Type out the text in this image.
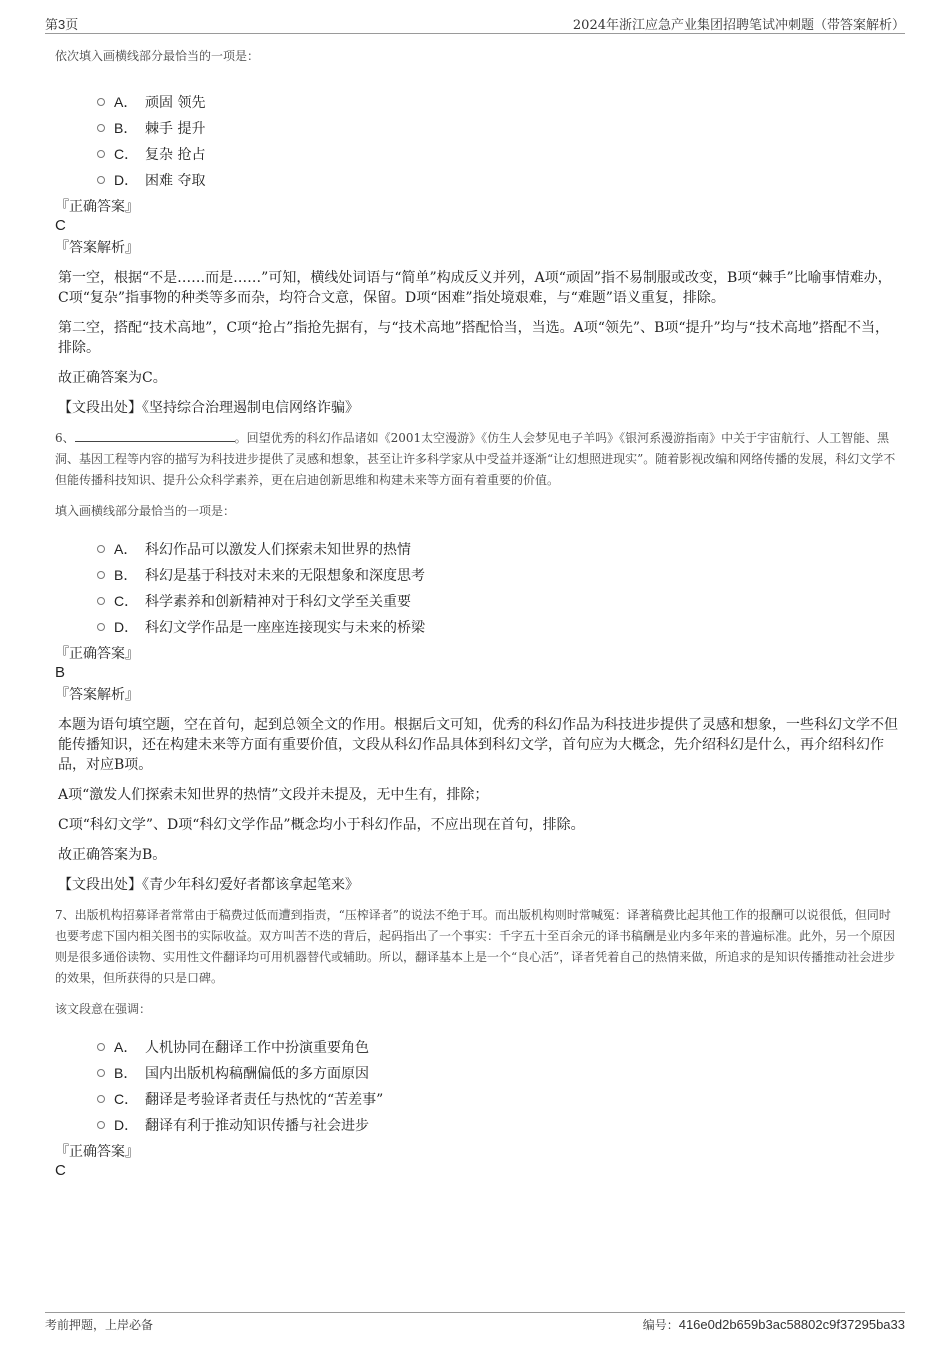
第3页	2024年浙江应急产业集团招聘笔试冲刺题（带答案解析）
依次填入画横线部分最恰当的一项是：
A． 顽固 领先
B． 棘手 提升
C． 复杂 抢占
D． 困难 夺取
『正确答案』
C
『答案解析』
第一空，根据“不是……而是……”可知，横线处词语与“简单”构成反义并列，A项“顽固”指不易制服或改变，B项“棘手”比喻事情难办，C项“复杂”指事物的种类等多而杂，均符合文意，保留。D项“困难”指处境艰难，与“难题”语义重复，排除。
第二空，搭配“技术高地”，C项“抢占”指抢先据有，与“技术高地”搭配恰当，当选。A项“领先”、B项“提升”均与“技术高地”搭配不当，排除。
故正确答案为C。
【文段出处】《坚持综合治理遏制电信网络诈骗》
6、	。回望优秀的科幻作品诸如《2001太空漫游》《仿生人会梦见电子羊吗》《银河系漫游指南》中关于宇宙航行、人工智能、黑洞、基因工程等内容的描写为科技进步提供了灵感和想象，甚至让许多科学家从中受益并逐渐“让幻想照进现实”。随着影视改编和网络传播的发展，科幻文学不但能传播科技知识、提升公众科学素养，更在启迪创新思维和构建未来等方面有着重要的价值。
填入画横线部分最恰当的一项是：
A． 科幻作品可以激发人们探索未知世界的热情
B． 科幻是基于科技对未来的无限想象和深度思考
C． 科学素养和创新精神对于科幻文学至关重要
D． 科幻文学作品是一座座连接现实与未来的桥梁
『正确答案』
B
『答案解析』
本题为语句填空题，空在首句，起到总领全文的作用。根据后文可知，优秀的科幻作品为科技进步提供了灵感和想象，一些科幻文学不但能传播知识，还在构建未来等方面有重要价值，文段从科幻作品具体到科幻文学，首句应为大概念，先介绍科幻是什么，再介绍科幻作品，对应B项。
A项“激发人们探索未知世界的热情”文段并未提及，无中生有，排除；
C项“科幻文学”、D项“科幻文学作品”概念均小于科幻作品，不应出现在首句，排除。
故正确答案为B。
【文段出处】《青少年科幻爱好者都该拿起笔来》
7、出版机构招募译者常常由于稿费过低而遭到指责，“压榨译者”的说法不绝于耳。而出版机构则时常喊冤：译著稿费比起其他工作的报酬可以说很低，但同时也要考虑下国内相关图书的实际收益。双方叫苦不迭的背后，起码指出了一个事实：千字五十至百余元的译书稿酬是业内多年来的普遍标准。此外，另一个原因则是很多通俗读物、实用性文件翻译均可用机器替代或辅助。所以，翻译基本上是一个“良心活”，译者凭着自己的热情来做，所追求的是知识传播推动社会进步的效果，但所获得的只是口碑。
该文段意在强调：
A． 人机协同在翻译工作中扮演重要角色
B． 国内出版机构稿酬偏低的多方面原因
C． 翻译是考验译者责任与热忱的“苦差事”
D． 翻译有利于推动知识传播与社会进步
『正确答案』
C
考前押题，上岸必备	编号：416e0d2b659b3ac58802c9f37295ba33
